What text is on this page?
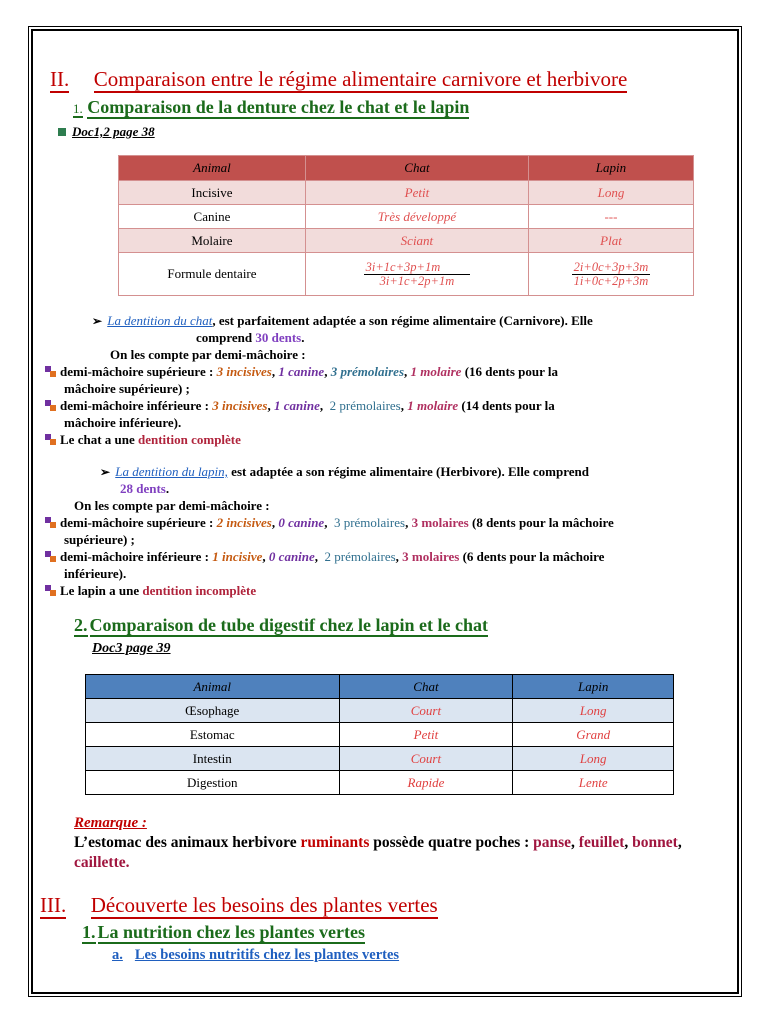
II. Comparaison entre le régime alimentaire carnivore et herbivore
1. Comparaison de la denture chez le chat et le lapin
Doc1,2 page 38
Animal	Chat	Lapin
Incisive	Petit	Long
Canine	Très développé	---
Molaire	Sciant	Plat
Formule dentaire	$\frac{3i+1c+3p+1m}{3i+1c+2p+1m}$	$\frac{2i+0c+3p+3m}{1i+0c+2p+3m}$
➢ La dentition du chat, est parfaitement adaptée a son régime alimentaire (Carnivore). Elle
comprend 30 dents.
On les compte par demi-mâchoire :
demi-mâchoire supérieure : 3 incisives, 1 canine, 3 prémolaires, 1 molaire (16 dents pour la
mâchoire supérieure) ;
demi-mâchoire inférieure : 3 incisives, 1 canine,  2 prémolaires, 1 molaire (14 dents pour la
mâchoire inférieure).
Le chat a une dentition complète
➢ La dentition du lapin, est adaptée a son régime alimentaire (Herbivore). Elle comprend
28 dents.
On les compte par demi-mâchoire :
demi-mâchoire supérieure : 2 incisives, 0 canine,  3 prémolaires, 3 molaires (8 dents pour la mâchoire
supérieure) ;
demi-mâchoire inférieure : 1 incisive, 0 canine,  2 prémolaires, 3 molaires (6 dents pour la mâchoire
inférieure).
Le lapin a une dentition incomplète
2. Comparaison de tube digestif chez le lapin et le chat
Doc3 page 39
Animal	Chat	Lapin
Œsophage	Court	Long
Estomac	Petit	Grand
Intestin	Court	Long
Digestion	Rapide	Lente
Remarque :
L’estomac des animaux herbivore ruminants possède quatre poches : panse, feuillet, bonnet, caillette.
III. Découverte les besoins des plantes vertes
1. La nutrition chez les plantes vertes
a. Les besoins nutritifs chez les plantes vertes
